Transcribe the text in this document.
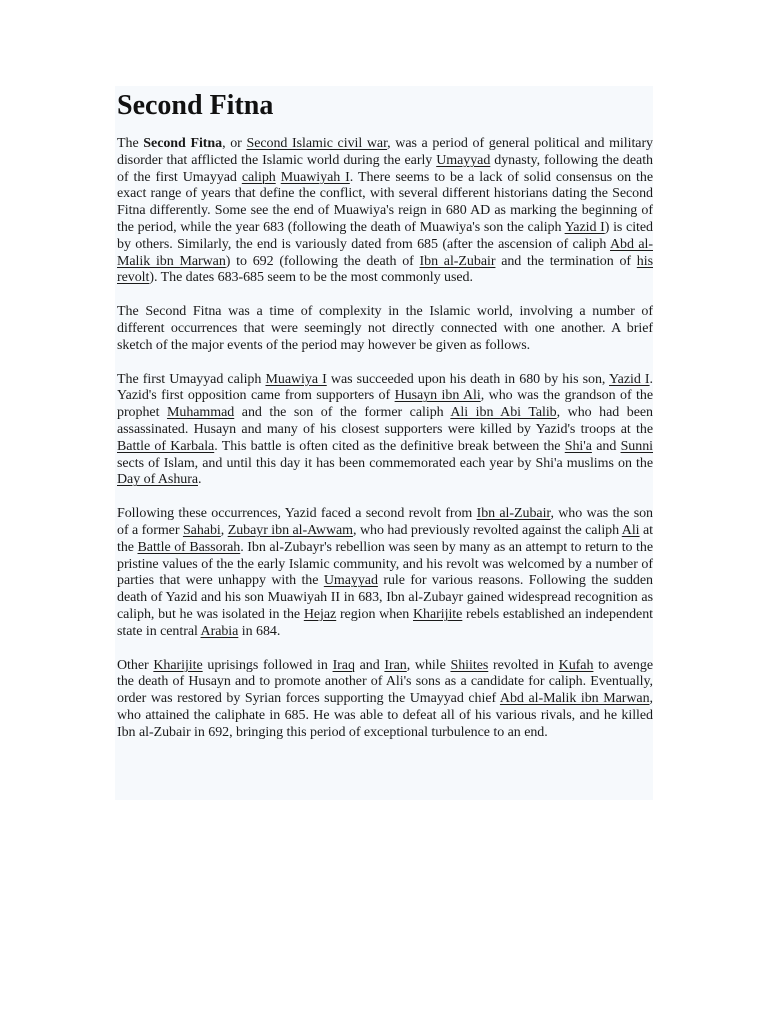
Second Fitna

The Second Fitna, or Second Islamic civil war, was a period of general political and military disorder that afflicted the Islamic world during the early Umayyad dynasty, following the death of the first Umayyad caliph Muawiyah I. There seems to be a lack of solid consensus on the exact range of years that define the conflict, with several different historians dating the Second Fitna differently. Some see the end of Muawiya's reign in 680 AD as marking the beginning of the period, while the year 683 (following the death of Muawiya's son the caliph Yazid I) is cited by others. Similarly, the end is variously dated from 685 (after the ascension of caliph Abd al-Malik ibn Marwan) to 692 (following the death of Ibn al-Zubair and the termination of his revolt). The dates 683-685 seem to be the most commonly used.

The Second Fitna was a time of complexity in the Islamic world, involving a number of different occurrences that were seemingly not directly connected with one another. A brief sketch of the major events of the period may however be given as follows.

The first Umayyad caliph Muawiya I was succeeded upon his death in 680 by his son, Yazid I. Yazid's first opposition came from supporters of Husayn ibn Ali, who was the grandson of the prophet Muhammad and the son of the former caliph Ali ibn Abi Talib, who had been assassinated. Husayn and many of his closest supporters were killed by Yazid's troops at the Battle of Karbala. This battle is often cited as the definitive break between the Shi'a and Sunni sects of Islam, and until this day it has been commemorated each year by Shi'a muslims on the Day of Ashura.

Following these occurrences, Yazid faced a second revolt from Ibn al-Zubair, who was the son of a former Sahabi, Zubayr ibn al-Awwam, who had previously revolted against the caliph Ali at the Battle of Bassorah. Ibn al-Zubayr's rebellion was seen by many as an attempt to return to the pristine values of the the early Islamic community, and his revolt was welcomed by a number of parties that were unhappy with the Umayyad rule for various reasons. Following the sudden death of Yazid and his son Muawiyah II in 683, Ibn al-Zubayr gained widespread recognition as caliph, but he was isolated in the Hejaz region when Kharijite rebels established an independent state in central Arabia in 684.

Other Kharijite uprisings followed in Iraq and Iran, while Shiites revolted in Kufah to avenge the death of Husayn and to promote another of Ali's sons as a candidate for caliph. Eventually, order was restored by Syrian forces supporting the Umayyad chief Abd al-Malik ibn Marwan, who attained the caliphate in 685. He was able to defeat all of his various rivals, and he killed Ibn al-Zubair in 692, bringing this period of exceptional turbulence to an end.
